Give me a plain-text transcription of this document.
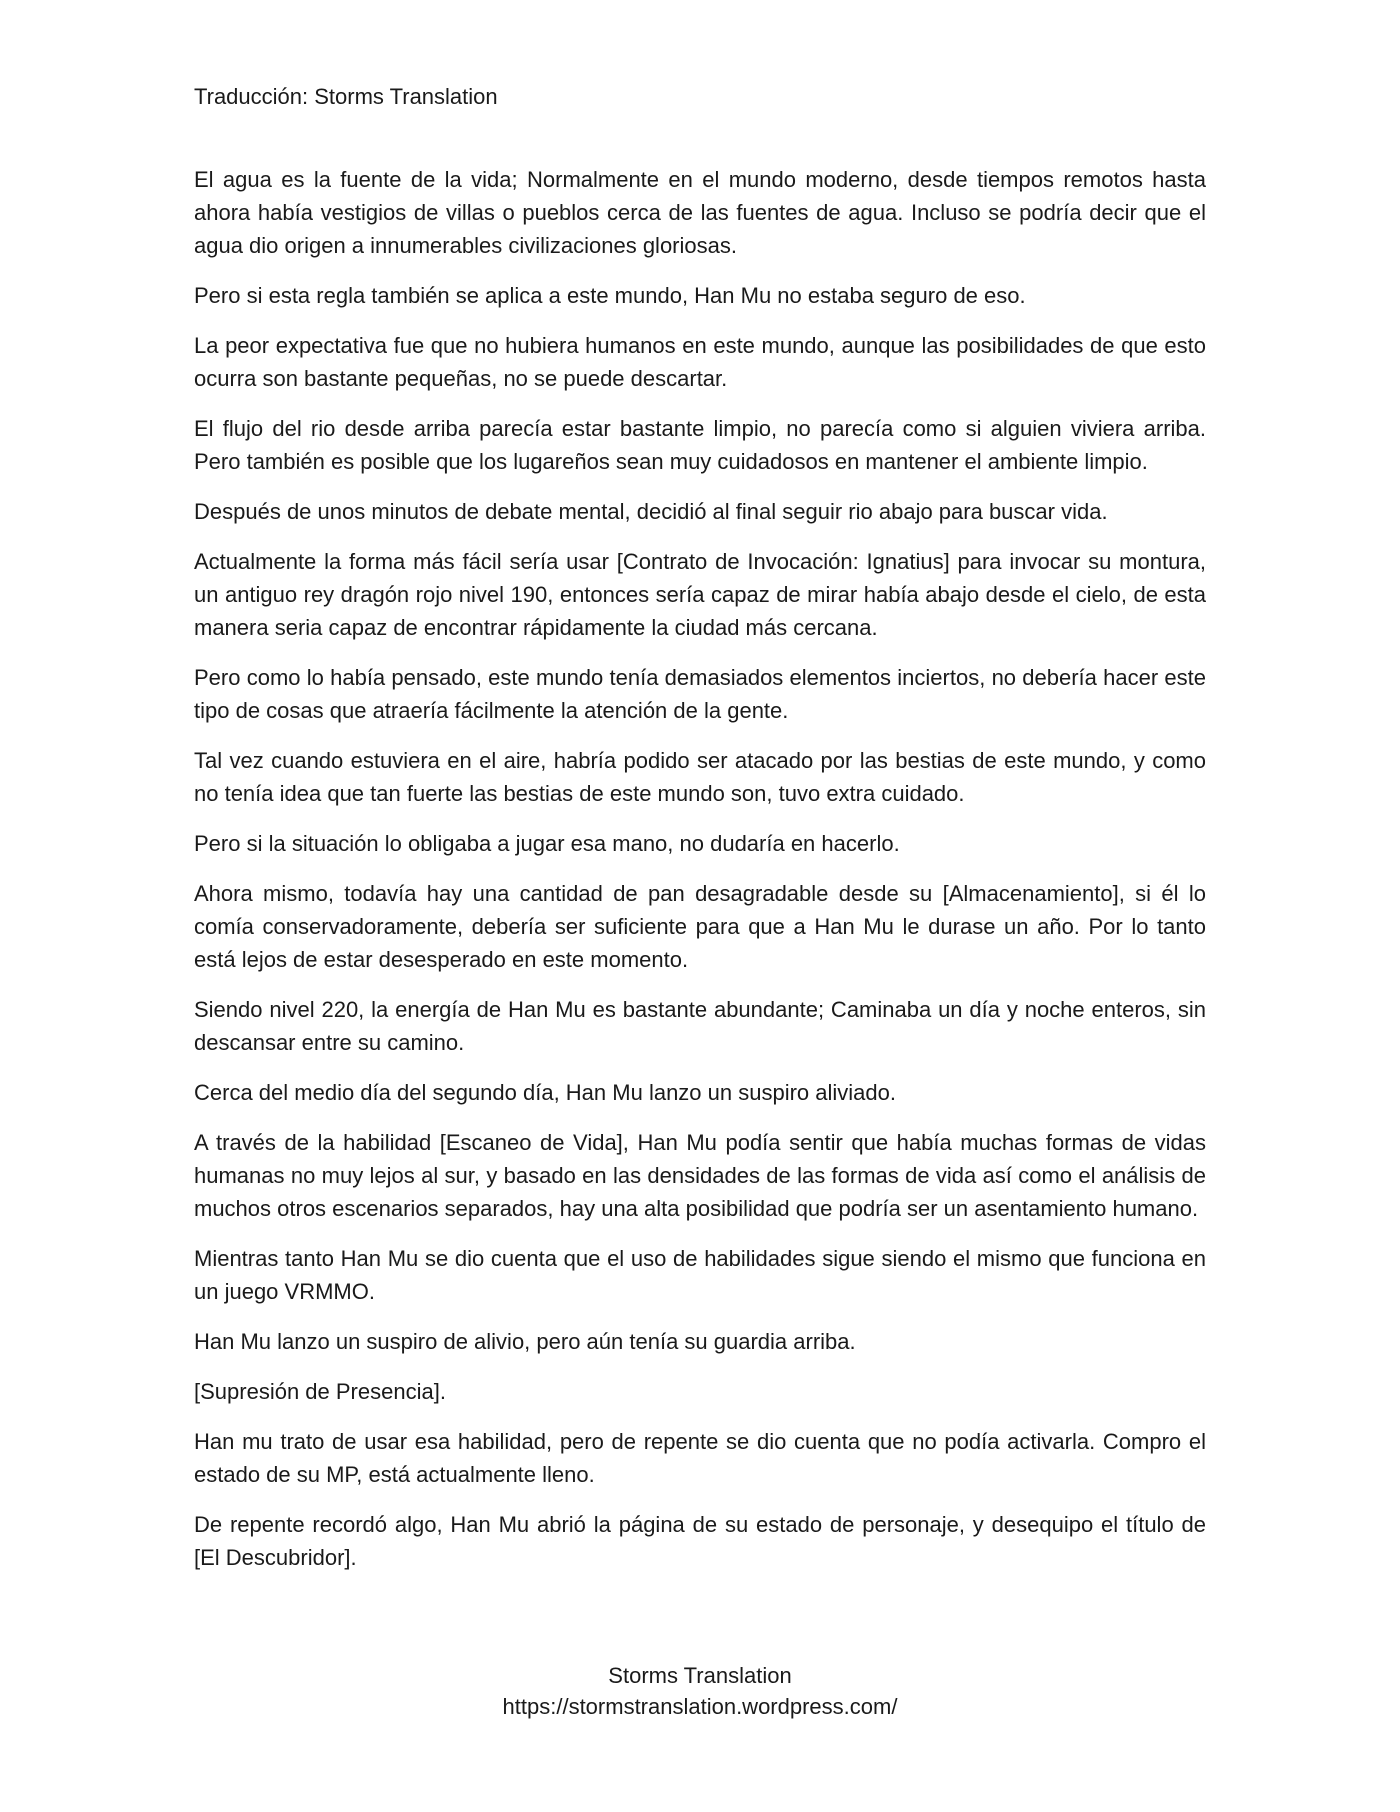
Traducción: Storms Translation

El agua es la fuente de la vida; Normalmente en el mundo moderno, desde tiempos remotos hasta ahora había vestigios de villas o pueblos cerca de las fuentes de agua. Incluso se podría decir que el agua dio origen a innumerables civilizaciones gloriosas.

Pero si esta regla también se aplica a este mundo, Han Mu no estaba seguro de eso.

La peor expectativa fue que no hubiera humanos en este mundo, aunque las posibilidades de que esto ocurra son bastante pequeñas, no se puede descartar.

El flujo del rio desde arriba parecía estar bastante limpio, no parecía como si alguien viviera arriba. Pero también es posible que los lugareños sean muy cuidadosos en mantener el ambiente limpio.

Después de unos minutos de debate mental, decidió al final seguir rio abajo para buscar vida.

Actualmente la forma más fácil sería usar [Contrato de Invocación: Ignatius] para invocar su montura, un antiguo rey dragón rojo nivel 190, entonces sería capaz de mirar había abajo desde el cielo, de esta manera seria capaz de encontrar rápidamente la ciudad más cercana.

Pero como lo había pensado, este mundo tenía demasiados elementos inciertos, no debería hacer este tipo de cosas que atraería fácilmente la atención de la gente.

Tal vez cuando estuviera en el aire, habría podido ser atacado por las bestias de este mundo, y como no tenía idea que tan fuerte las bestias de este mundo son, tuvo extra cuidado.

Pero si la situación lo obligaba a jugar esa mano, no dudaría en hacerlo.

Ahora mismo, todavía hay una cantidad de pan desagradable desde su [Almacenamiento], si él lo comía conservadoramente, debería ser suficiente para que a Han Mu le durase un año. Por lo tanto está lejos de estar desesperado en este momento.

Siendo nivel 220, la energía de Han Mu es bastante abundante; Caminaba un día y noche enteros, sin descansar entre su camino.

Cerca del medio día del segundo día, Han Mu lanzo un suspiro aliviado.

A través de la habilidad [Escaneo de Vida], Han Mu podía sentir que había muchas formas de vidas humanas no muy lejos al sur, y basado en las densidades de las formas de vida así como el análisis de muchos otros escenarios separados, hay una alta posibilidad que podría ser un asentamiento humano.

Mientras tanto Han Mu se dio cuenta que el uso de habilidades sigue siendo el mismo que funciona en un juego VRMMO.

Han Mu lanzo un suspiro de alivio, pero aún tenía su guardia arriba.

[Supresión de Presencia].

Han mu trato de usar esa habilidad, pero de repente se dio cuenta que no podía activarla. Compro el estado de su MP, está actualmente lleno.

De repente recordó algo, Han Mu abrió la página de su estado de personaje, y desequipo el título de [El Descubridor].

Storms Translation
https://stormstranslation.wordpress.com/
